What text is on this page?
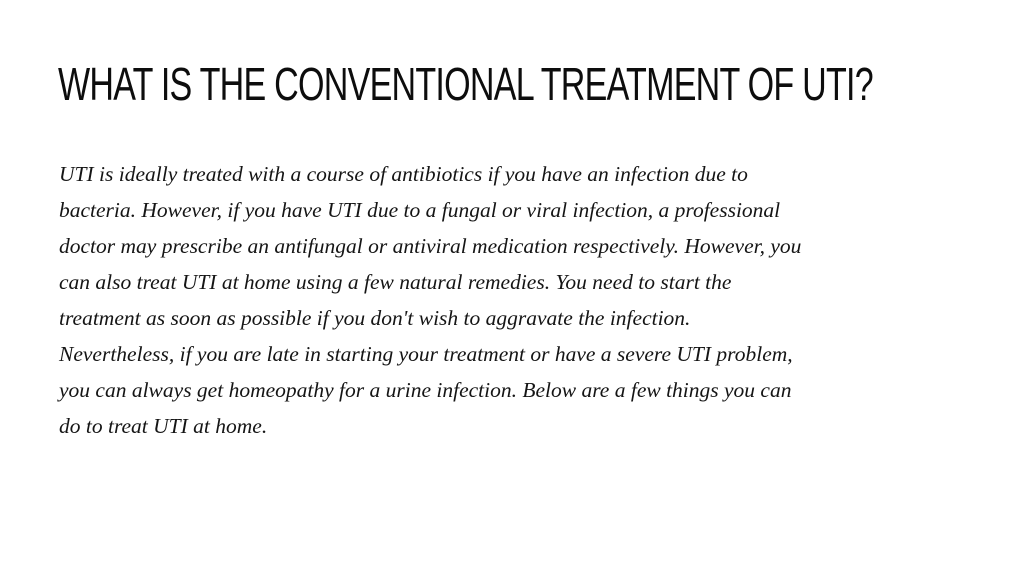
WHAT IS THE CONVENTIONAL TREATMENT OF UTI?
UTI is ideally treated with a course of antibiotics if you have an infection due to
bacteria. However, if you have UTI due to a fungal or viral infection, a professional
doctor may prescribe an antifungal or antiviral medication respectively. However, you
can also treat UTI at home using a few natural remedies. You need to start the
treatment as soon as possible if you don't wish to aggravate the infection.
Nevertheless, if you are late in starting your treatment or have a severe UTI problem,
you can always get homeopathy for a urine infection. Below are a few things you can
do to treat UTI at home.
